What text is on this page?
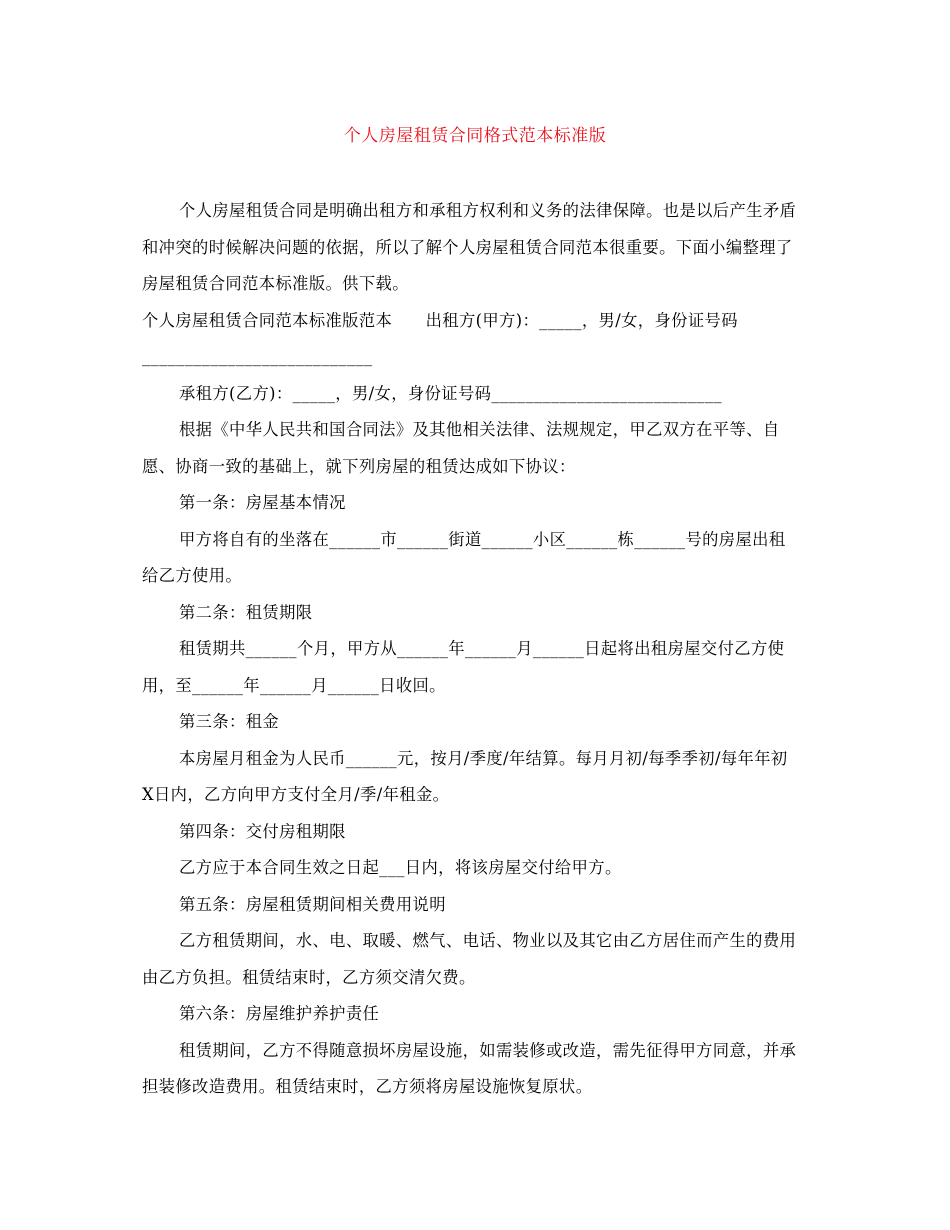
个人房屋租赁合同格式范本标准版

个人房屋租赁合同是明确出租方和承租方权利和义务的法律保障。也是以后产生矛盾和冲突的时候解决问题的依据，所以了解个人房屋租赁合同范本很重要。下面小编整理了房屋租赁合同范本标准版。供下载。

个人房屋租赁合同范本标准版范本　　出租方(甲方)：_____，男/女，身份证号码___________________________

承租方(乙方)：_____，男/女，身份证号码___________________________

根据《中华人民共和国合同法》及其他相关法律、法规规定，甲乙双方在平等、自愿、协商一致的基础上，就下列房屋的租赁达成如下协议：

第一条：房屋基本情况

甲方将自有的坐落在______市______街道______小区______栋______号的房屋出租给乙方使用。

第二条：租赁期限

租赁期共______个月，甲方从______年______月______日起将出租房屋交付乙方使用，至______年______月______日收回。

第三条：租金

本房屋月租金为人民币______元，按月/季度/年结算。每月月初/每季季初/每年年初X日内，乙方向甲方支付全月/季/年租金。

第四条：交付房租期限

乙方应于本合同生效之日起___日内，将该房屋交付给甲方。

第五条：房屋租赁期间相关费用说明

乙方租赁期间，水、电、取暖、燃气、电话、物业以及其它由乙方居住而产生的费用由乙方负担。租赁结束时，乙方须交清欠费。

第六条：房屋维护养护责任

租赁期间，乙方不得随意损坏房屋设施，如需装修或改造，需先征得甲方同意，并承担装修改造费用。租赁结束时，乙方须将房屋设施恢复原状。
